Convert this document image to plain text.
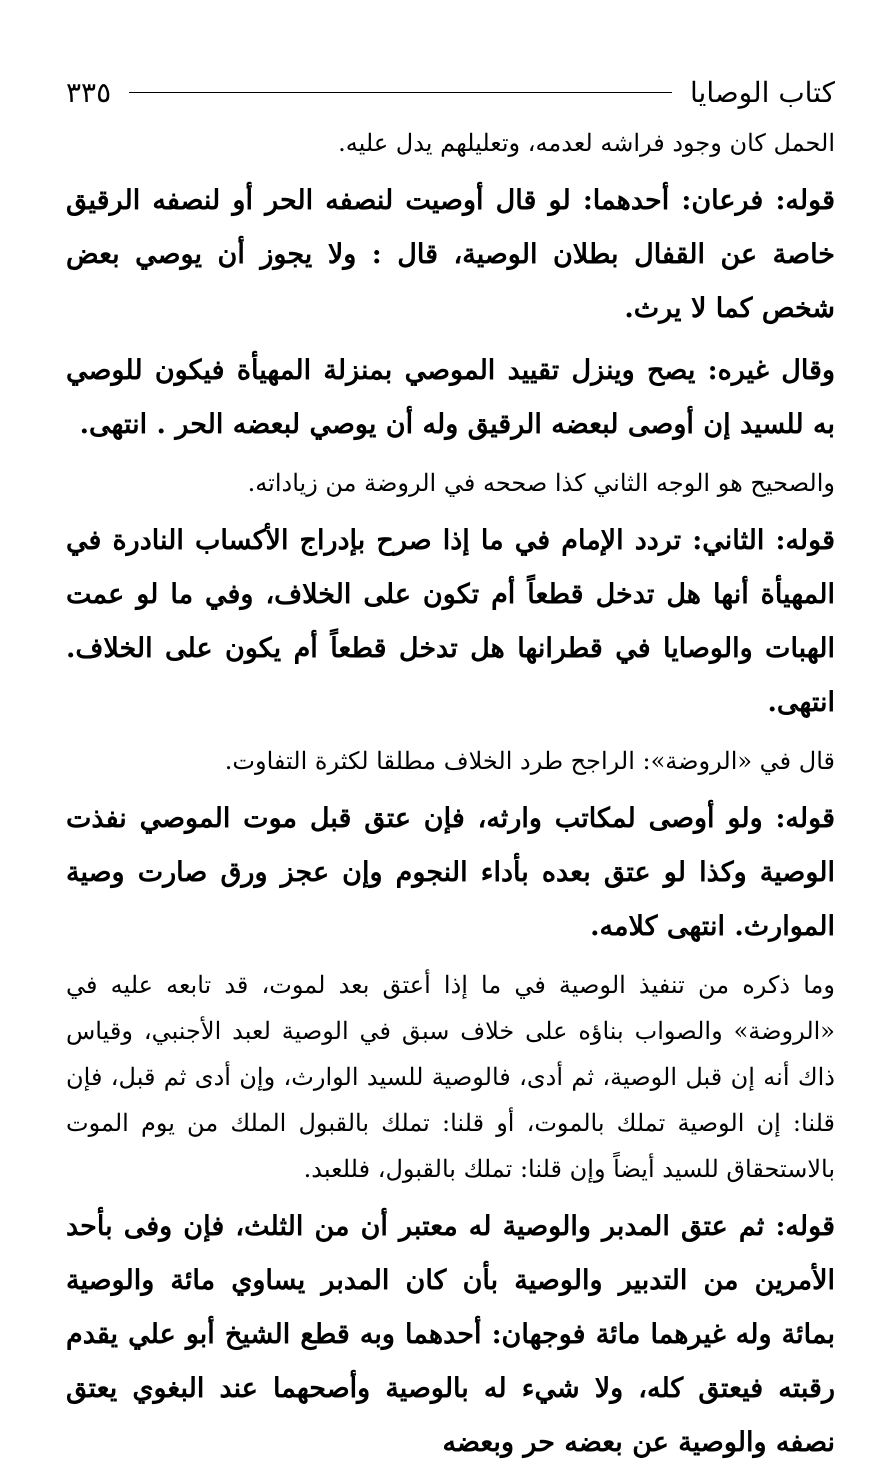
كتاب الوصايا
٣٣٥

الحمل كان وجود فراشه لعدمه، وتعليلهم يدل عليه.

قوله: فرعان: أحدهما: لو قال أوصيت لنصفه الحر أو لنصفه الرقيق خاصة عن القفال بطلان الوصية، قال : ولا يجوز أن يوصي بعض شخص كما لا يرث.

وقال غيره: يصح وينزل تقييد الموصي بمنزلة المهيأة فيكون للوصي به للسيد إن أوصى لبعضه الرقيق وله أن يوصي لبعضه الحر . انتهى.

والصحيح هو الوجه الثاني كذا صححه في الروضة من زياداته.

قوله: الثاني: تردد الإمام في ما إذا صرح بإدراج الأكساب النادرة في المهيأة أنها هل تدخل قطعاً أم تكون على الخلاف، وفي ما لو عمت الهبات والوصايا في قطرانها هل تدخل قطعاً أم يكون على الخلاف. انتهى.

قال في «الروضة»: الراجح طرد الخلاف مطلقا لكثرة التفاوت.

قوله: ولو أوصى لمكاتب وارثه، فإن عتق قبل موت الموصي نفذت الوصية وكذا لو عتق بعده بأداء النجوم وإن عجز ورق صارت وصية الموارث. انتهى كلامه.

وما ذكره من تنفيذ الوصية في ما إذا أعتق بعد لموت، قد تابعه عليه في «الروضة» والصواب بناؤه على خلاف سبق في الوصية لعبد الأجنبي، وقياس ذاك أنه إن قبل الوصية، ثم أدى، فالوصية للسيد الوارث، وإن أدى ثم قبل، فإن قلنا: إن الوصية تملك بالموت، أو قلنا: تملك بالقبول الملك من يوم الموت بالاستحقاق للسيد أيضاً وإن قلنا: تملك بالقبول، فللعبد.

قوله: ثم عتق المدبر والوصية له معتبر أن من الثلث، فإن وفى بأحد الأمرين من التدبير والوصية بأن كان المدبر يساوي مائة والوصية بمائة وله غيرهما مائة فوجهان: أحدهما وبه قطع الشيخ أبو علي يقدم رقبته فيعتق كله، ولا شيء له بالوصية وأصحهما عند البغوي يعتق نصفه والوصية عن بعضه حر وبعضه
